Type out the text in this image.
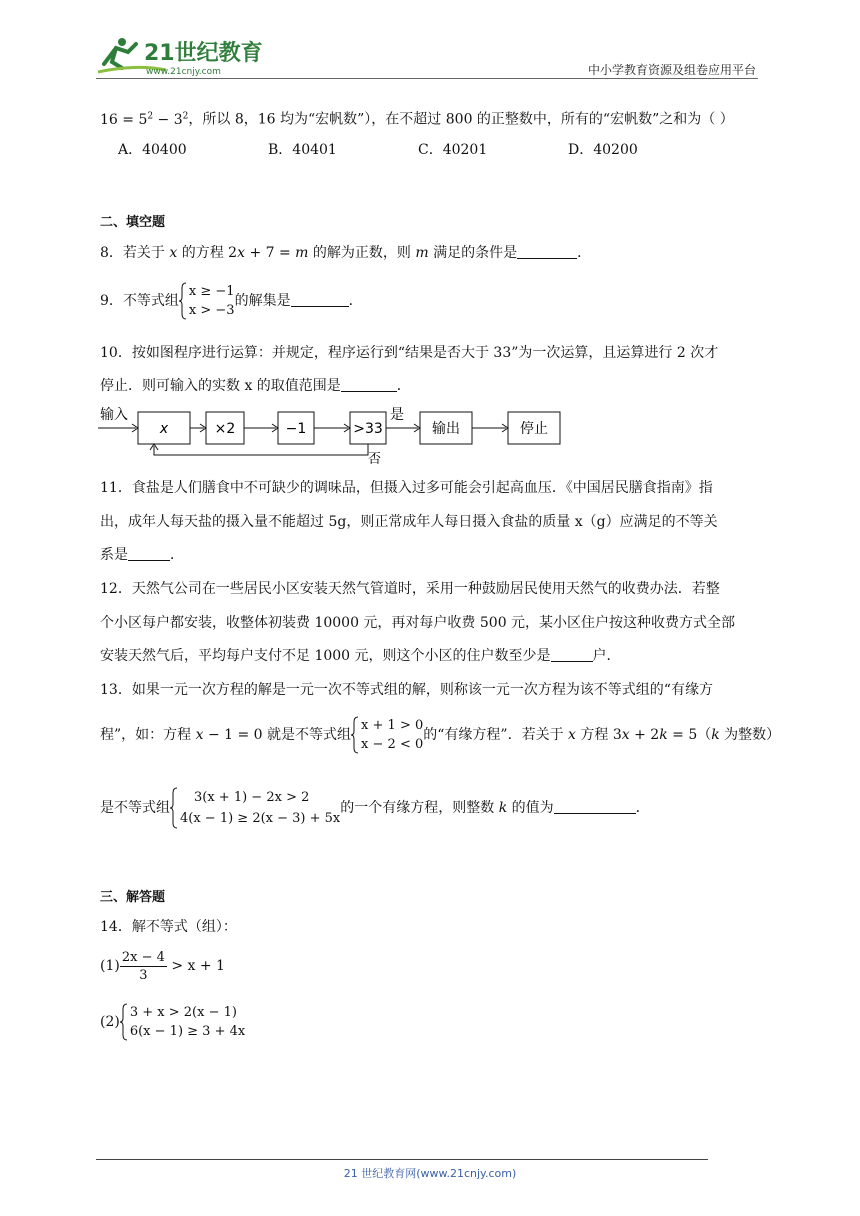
21世纪教育
www.21cnjy.com	中小学教育资源及组卷应用平台
$16 = 5^2 - 3^2$，所以 8，16 均为“宏帆数”），在不超过 800 的正整数中，所有的“宏帆数”之和为（ ）
A．40400	B．40401	C．40201	D．40200
二、填空题
8．若关于 x 的方程 2x + 7 = m 的解为正数，则 m 满足的条件是	．
9．不等式组
x ≥ −1
x > −3
的解集是	．
10．按如图程序进行运算：并规定，程序运行到“结果是否大于 33”为一次运算，且运算进行 2 次才
停止．则可输入的实数 x 的取值范围是	．
输入
x	×2	−1	>33
是
输出	停止
否
11．食盐是人们膳食中不可缺少的调味品，但摄入过多可能会引起高血压．《中国居民膳食指南》指
出，成年人每天盐的摄入量不能超过 5g，则正常成年人每日摄入食盐的质量 x（g）应满足的不等关
系是	．
12．天然气公司在一些居民小区安装天然气管道时，采用一种鼓励居民使用天然气的收费办法．若整
个小区每户都安装，收整体初装费 10000 元，再对每户收费 500 元，某小区住户按这种收费方式全部
安装天然气后，平均每户支付不足 1000 元，则这个小区的住户数至少是	户．
13．如果一元一次方程的解是一元一次不等式组的解，则称该一元一次方程为该不等式组的“有缘方
程”，如：方程 x − 1 = 0 就是不等式组
x + 1 > 0
x − 2 < 0
的“有缘方程”．若关于 x 方程 3x + 2k = 5（k 为整数）
是不等式组
3(x + 1) − 2x > 2
4(x − 1) ≥ 2(x − 3) + 5x
的一个有缘方程，则整数 k 的值为	．
三、解答题
14．解不等式（组）：
$(1) \frac{2x - 4}{3} > x + 1$
(2)
3 + x > 2(x − 1)
6(x − 1) ≥ 3 + 4x
21 世纪教育网(www.21cnjy.com)
